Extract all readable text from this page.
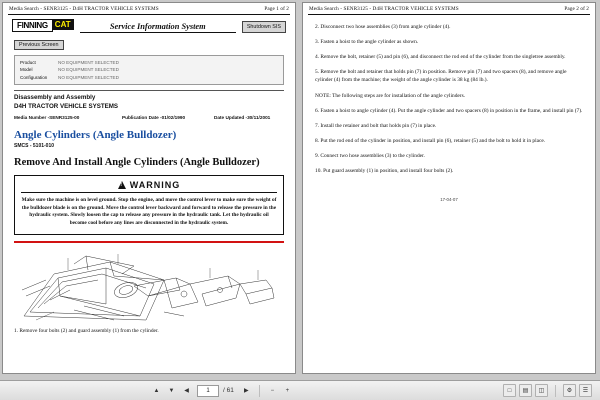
Media Search - SENR3125 - D4H TRACTOR VEHICLE SYSTEMS	Page 1 of 2
FINNING CAT	Service Information System	Shutdown SIS
Previous Screen
Product	NO EQUIPMENT SELECTED
Model	NO EQUIPMENT SELECTED
Configuration	NO EQUIPMENT SELECTED
Disassembly and Assembly
D4H TRACTOR VEHICLE SYSTEMS
Media Number -SENR3125-00	Publication Date -01/02/1990	Date Updated -30/11/2001
Angle Cylinders (Angle Bulldozer)
SMCS - 5101-010
Remove And Install Angle Cylinders (Angle Bulldozer)
!
WARNING
Make sure the machine is on level ground. Stop the engine, and move the control lever to make sure the weight of the bulldozer blade is on the ground. Move the control lever backward and forward to release the pressure in the hydraulic system. Slowly loosen the cap to release any pressure in the hydraulic tank. Let the hydraulic oil become cool before any lines are disconnected in the hydraulic system.
1. Remove four bolts (2) and guard assembly (1) from the cylinder.
Media Search - SENR3125 - D4H TRACTOR VEHICLE SYSTEMS	Page 2 of 2
2. Disconnect two hose assemblies (3) from angle cylinder (4).
3. Fasten a hoist to the angle cylinder as shown.
4. Remove the bolt, retainer (5) and pin (6), and disconnect the rod end of the cylinder from the singletree assembly.
5. Remove the bolt and retainer that holds pin (7) in position. Remove pin (7) and two spacers (8), and remove angle cylinder (4) from the machine; the weight of the angle cylinder is 38 kg (84 lb.).
NOTE: The following steps are for installation of the angle cylinders.
6. Fasten a hoist to angle cylinder (4). Put the angle cylinder and two spacers (8) in position in the frame, and install pin (7).
7. Install the retainer and bolt that holds pin (7) in place.
8. Put the rod end of the cylinder in position, and install pin (6), retainer (5) and the bolt to hold it in place.
9. Connect two hose assemblies (3) to the cylinder.
10. Put guard assembly (1) in position, and install four bolts (2).
17-04-07
▲	▼	◀	1	/ 61	▶	−	+	□	▤	◫	⚙	☰
